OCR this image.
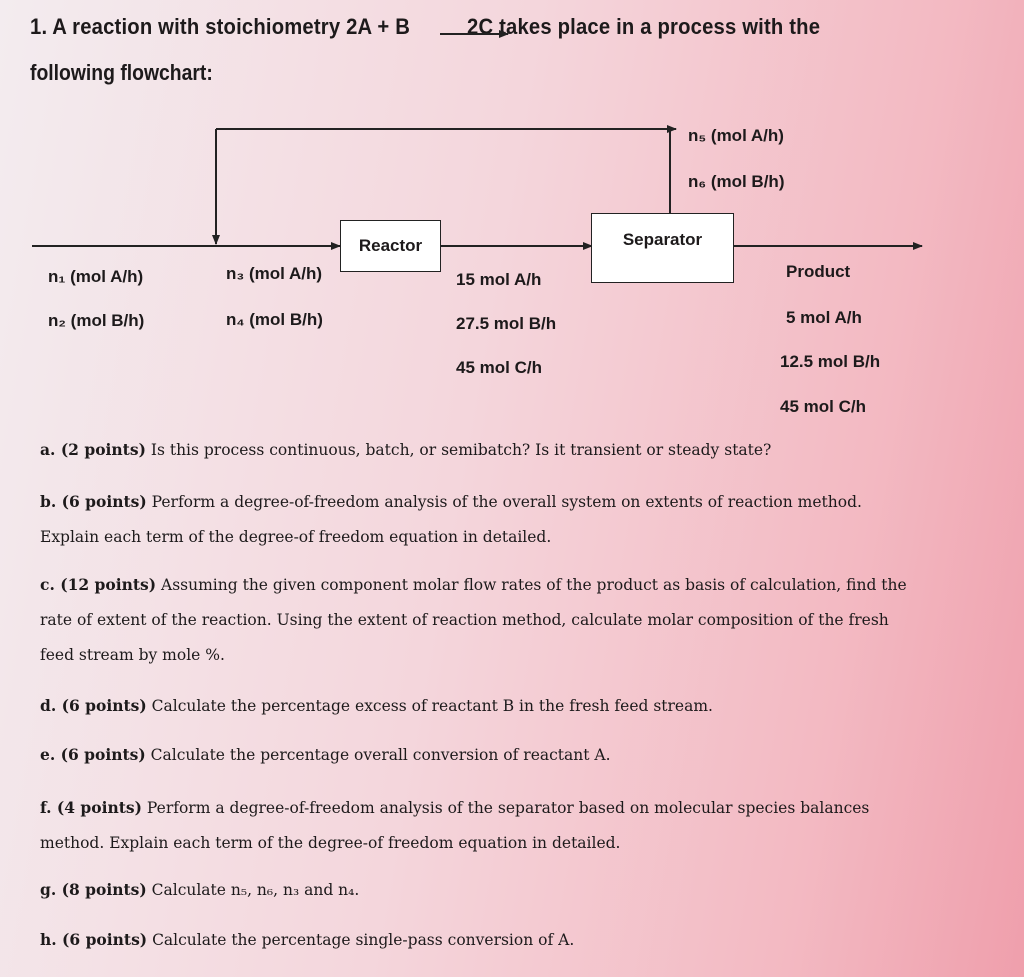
1. A reaction with stoichiometry 2A + B	2C takes place in a process with the
following flowchart:
Reactor	Separator
n₅ (mol A/h)
n₆ (mol B/h)
n₁ (mol A/h)
n₂ (mol B/h)
n₃ (mol A/h)
n₄ (mol B/h)
15 mol A/h
27.5 mol B/h
45 mol C/h
Product
5 mol A/h
12.5 mol B/h
45 mol C/h
a. (2 points) Is this process continuous, batch, or semibatch? Is it transient or steady state?
b. (6 points) Perform a degree-of-freedom analysis of the overall system on extents of reaction method. Explain each term of the degree-of freedom equation in detailed.
c. (12 points) Assuming the given component molar flow rates of the product as basis of calculation, find the rate of extent of the reaction. Using the extent of reaction method, calculate molar composition of the fresh feed stream by mole %.
d. (6 points) Calculate the percentage excess of reactant B in the fresh feed stream.
e. (6 points) Calculate the percentage overall conversion of reactant A.
f. (4 points) Perform a degree-of-freedom analysis of the separator based on molecular species balances method. Explain each term of the degree-of freedom equation in detailed.
g. (8 points) Calculate n₅, n₆, n₃ and n₄.
h. (6 points) Calculate the percentage single-pass conversion of A.
